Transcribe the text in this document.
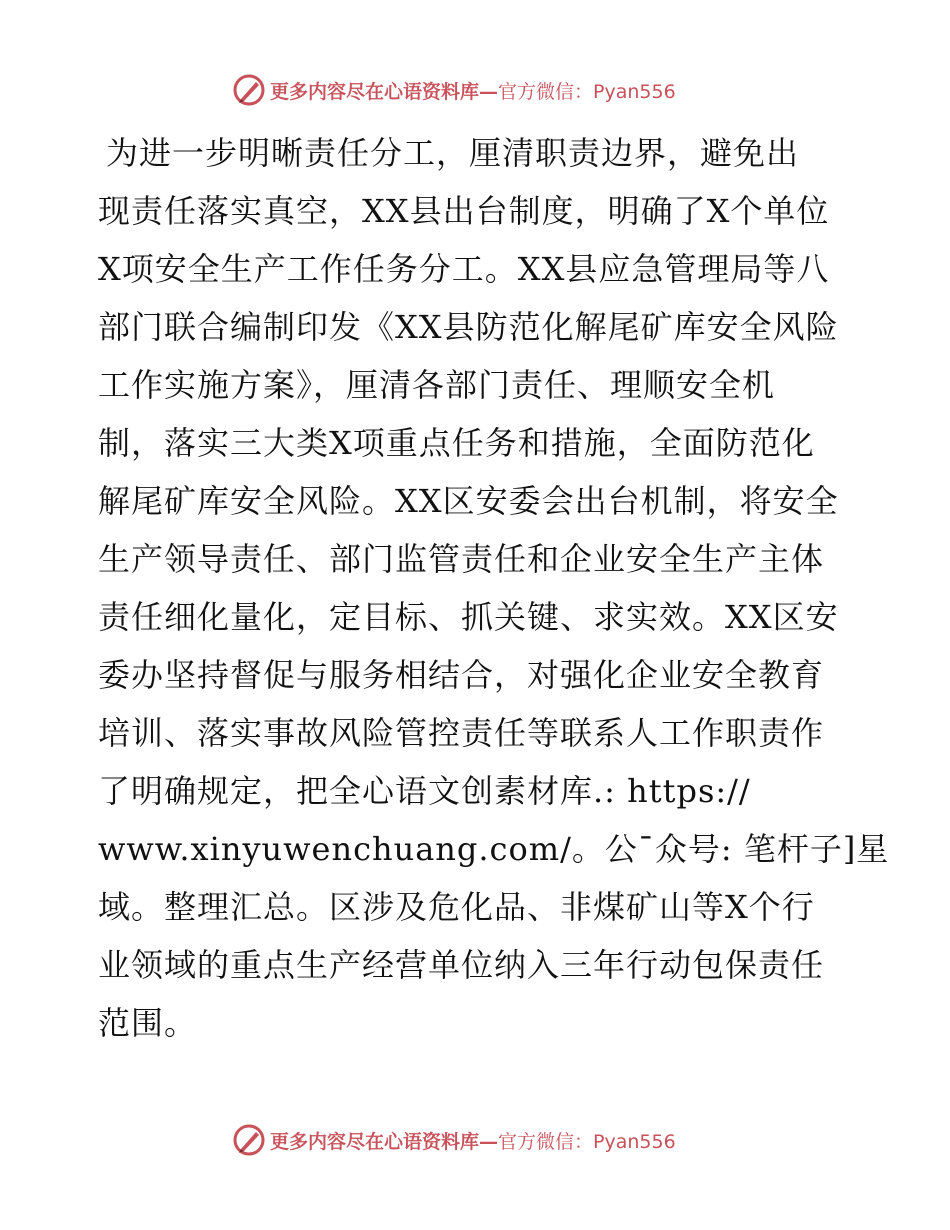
更多内容尽在心语资料库—官方微信：Pyan556
为进一步明晰责任分工，厘清职责边界，避免出
现责任落实真空，XX县出台制度，明确了X个单位
X项安全生产工作任务分工。XX县应急管理局等八
部门联合编制印发《XX县防范化解尾矿库安全风险
工作实施方案》，厘清各部门责任、理顺安全机
制，落实三大类X项重点任务和措施，全面防范化
解尾矿库安全风险。XX区安委会出台机制，将安全
生产领导责任、部门监管责任和企业安全生产主体
责任细化量化，定目标、抓关键、求实效。XX区安
委办坚持督促与服务相结合，对强化企业安全教育
培训、落实事故风险管控责任等联系人工作职责作
了明确规定，把全心语文创素材库.: https://
www.xinyuwenchuang.com/。公¯众号: 笔杆子]星
域。整理汇总。区涉及危化品、非煤矿山等X个行
业领域的重点生产经营单位纳入三年行动包保责任
范围。
更多内容尽在心语资料库—官方微信：Pyan556
